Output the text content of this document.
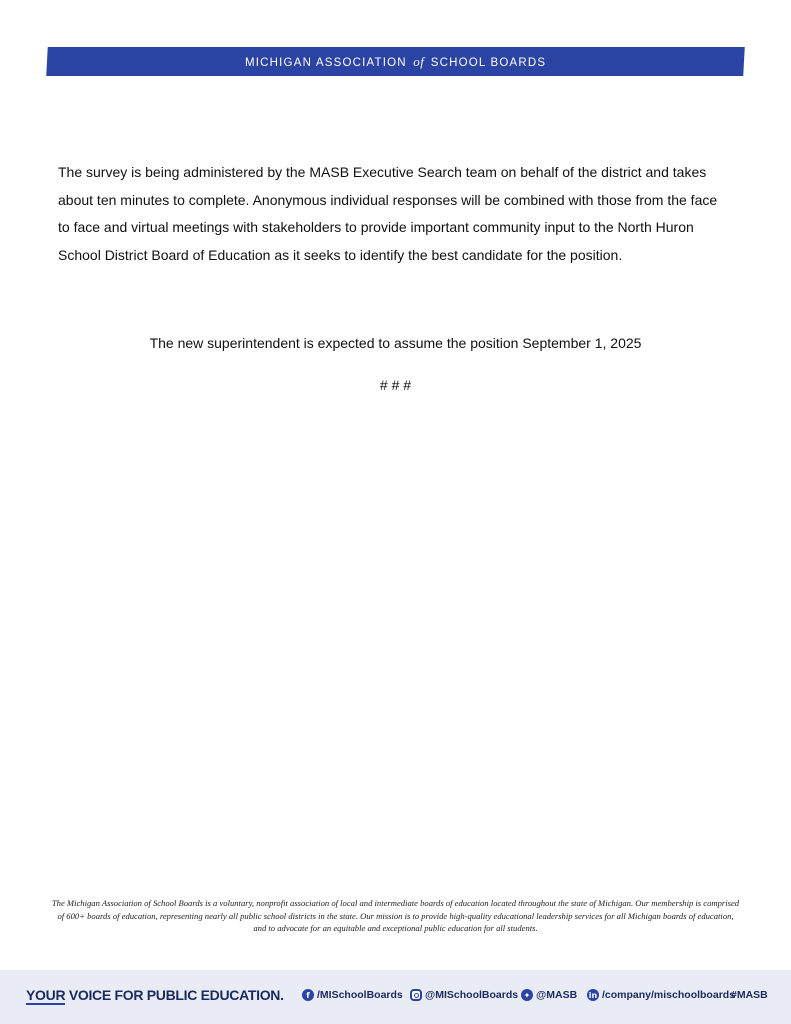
MICHIGAN ASSOCIATION of SCHOOL BOARDS
The survey is being administered by the MASB Executive Search team on behalf of the district and takes about ten minutes to complete. Anonymous individual responses will be combined with those from the face to face and virtual meetings with stakeholders to provide important community input to the North Huron School District Board of Education as it seeks to identify the best candidate for the position.
The new superintendent is expected to assume the position September 1, 2025
# # #
The Michigan Association of School Boards is a voluntary, nonprofit association of local and intermediate boards of education located throughout the state of Michigan. Our membership is comprised of 600+ boards of education, representing nearly all public school districts in the state. Our mission is to provide high-quality educational leadership services for all Michigan boards of education, and to advocate for an equitable and exceptional public education for all students.
YOUR VOICE FOR PUBLIC EDUCATION.	f /MISchoolBoards @MISchoolBoards ✦ @MASB in /company/mischoolboards
#MASB
